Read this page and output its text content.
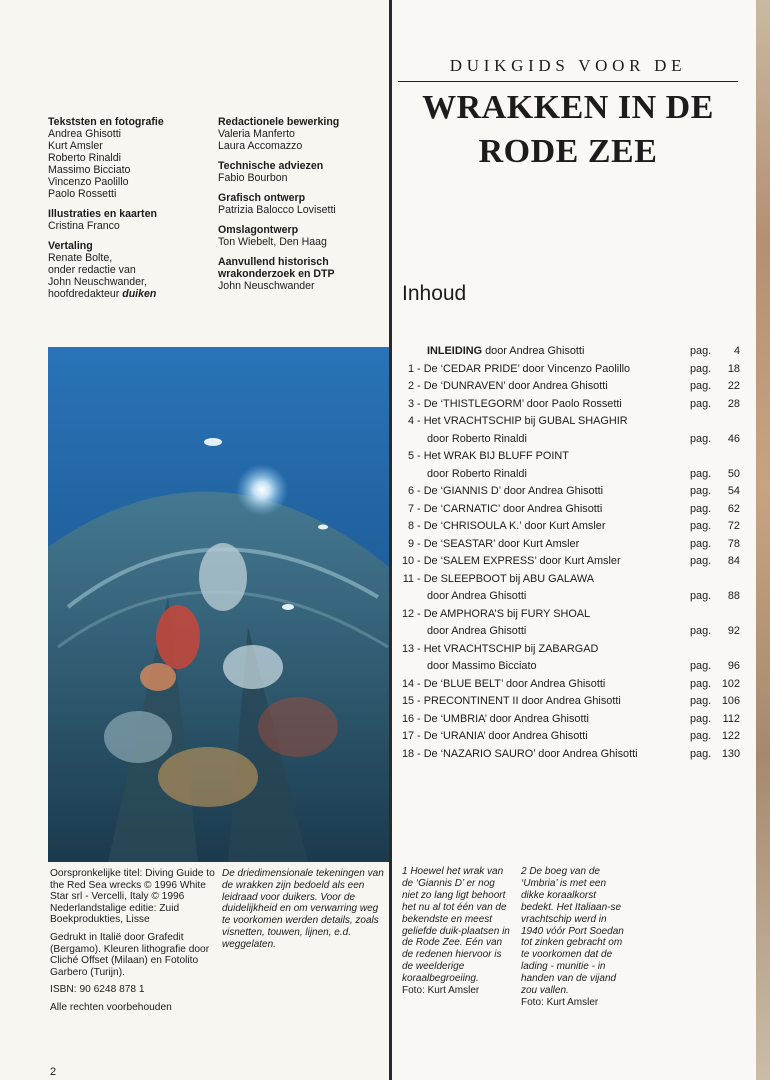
Tekststen en fotografie
Andrea Ghisotti
Kurt Amsler
Roberto Rinaldi
Massimo Bicciato
Vincenzo Paolillo
Paolo Rossetti
Illustraties en kaarten
Cristina Franco
Vertaling
Renate Bolte,
onder redactie van
John Neuschwander,
hoofdredakteur duiken
Redactionele bewerking
Valeria Manferto
Laura Accomazzo
Technische adviezen
Fabio Bourbon
Grafisch ontwerp
Patrizia Balocco Lovisetti
Omslagontwerp
Ton Wiebelt, Den Haag
Aanvullend historisch
wrakonderzoek en DTP
John Neuschwander

Oorspronkelijke titel: Diving Guide to the Red Sea wrecks © 1996 White Star srl - Vercelli, Italy © 1996 Nederlandstalige editie: Zuid Boekprodukties, Lisse

Gedrukt in Italië door Grafedit (Bergamo). Kleuren lithografie door Cliché Offset (Milaan) en Fotolito Garbero (Turijn).

ISBN: 90 6248 878 1

Alle rechten voorbehouden

De driedimensionale tekeningen van de wrakken zijn bedoeld als een leidraad voor duikers. Voor de duidelijkheid en om verwarring weg te voorkomen werden details, zoals visnetten, touwen, lijnen, e.d. weggelaten.
2
DUIKGIDS VOOR DE
WRAKKEN IN DE
RODE ZEE
Inhoud
INLEIDING door Andrea Ghisotti	pag. 4
1 - De ‘CEDAR PRIDE’ door Vincenzo Paolillo	pag. 18
2 - De ‘DUNRAVEN’ door Andrea Ghisotti	pag. 22
3 - De ‘THISTLEGORM’ door Paolo Rossetti	pag. 28
4 - Het VRACHTSCHIP bij GUBAL SHAGHIR
door Roberto Rinaldi	pag. 46
5 - Het WRAK BIJ BLUFF POINT
door Roberto Rinaldi	pag. 50
6 - De ‘GIANNIS D’ door Andrea Ghisotti	pag. 54
7 - De ‘CARNATIC’ door Andrea Ghisotti	pag. 62
8 - De ‘CHRISOULA K.’ door Kurt Amsler	pag. 72
9 - De ‘SEASTAR’ door Kurt Amsler	pag. 78
10 - De ‘SALEM EXPRESS’ door Kurt Amsler	pag. 84
11 - De SLEEPBOOT bij ABU GALAWA
door Andrea Ghisotti	pag. 88
12 - De AMPHORA’S bij FURY SHOAL
door Andrea Ghisotti	pag. 92
13 - Het VRACHTSCHIP bij ZABARGAD
door Massimo Bicciato	pag. 96
14 - De ‘BLUE BELT’ door Andrea Ghisotti	pag. 102
15 - PRECONTINENT II door Andrea Ghisotti	pag. 106
16 - De ‘UMBRIA’ door Andrea Ghisotti	pag. 112
17 - De ‘URANIA’ door Andrea Ghisotti	pag. 122
18 - De ‘NAZARIO SAURO’ door Andrea Ghisotti	pag. 130
1 Hoewel het wrak van de ‘Giannis D’ er nog niet zo lang ligt behoort het nu al tot één van de bekendste en meest geliefde duik-plaatsen in de Rode Zee. Eén van de redenen hiervoor is de weelderige koraalbegroeiing.
Foto: Kurt Amsler
2 De boeg van de ‘Umbria’ is met een dikke koraalkorst bedekt. Het Italiaan-se vrachtschip werd in 1940 vóór Port Soedan tot zinken gebracht om te voorkomen dat de lading - munitie - in handen van de vijand zou vallen.
Foto: Kurt Amsler
